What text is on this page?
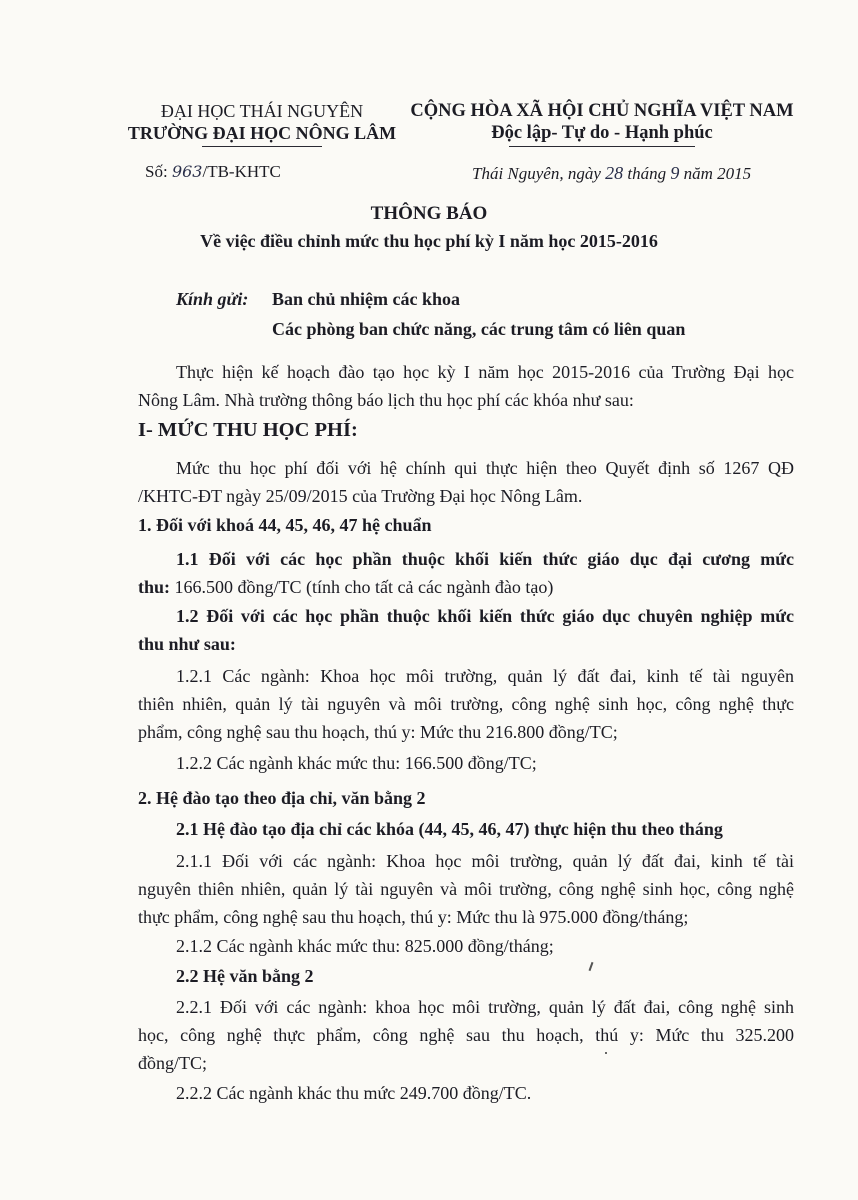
ĐẠI HỌC THÁI NGUYÊN
TRƯỜNG ĐẠI HỌC NÔNG LÂM
CỘNG HÒA XÃ HỘI CHỦ NGHĨA VIỆT NAM
Độc lập- Tự do - Hạnh phúc
Số: 963/TB-KHTC	Thái Nguyên, ngày 28 tháng 9 năm 2015
THÔNG BÁO
Về việc điều chỉnh mức thu học phí kỳ I năm học 2015-2016
Kính gửi: Ban chủ nhiệm các khoa
Các phòng ban chức năng, các trung tâm có liên quan
Thực hiện kế hoạch đào tạo học kỳ I năm học 2015-2016 của Trường Đại học
Nông Lâm. Nhà trường thông báo lịch thu học phí các khóa như sau:
I- MỨC THU HỌC PHÍ:
Mức thu học phí đối với hệ chính qui thực hiện theo Quyết định số 1267 QĐ
/KHTC-ĐT ngày 25/09/2015 của Trường Đại học Nông Lâm.
1. Đối với khoá 44, 45, 46, 47 hệ chuẩn
1.1 Đối với các học phần thuộc khối kiến thức giáo dục đại cương mức
thu: 166.500 đồng/TC (tính cho tất cả các ngành đào tạo)
1.2 Đối với các học phần thuộc khối kiến thức giáo dục chuyên nghiệp mức
thu như sau:
1.2.1 Các ngành: Khoa học môi trường, quản lý đất đai, kinh tế tài nguyên
thiên nhiên, quản lý tài nguyên và môi trường, công nghệ sinh học, công nghệ thực
phẩm, công nghệ sau thu hoạch, thú y: Mức thu 216.800 đồng/TC;
1.2.2 Các ngành khác mức thu: 166.500 đồng/TC;
2. Hệ đào tạo theo địa chỉ, văn bằng 2
2.1 Hệ đào tạo địa chỉ các khóa (44, 45, 46, 47) thực hiện thu theo tháng
2.1.1 Đối với các ngành: Khoa học môi trường, quản lý đất đai, kinh tế tài
nguyên thiên nhiên, quản lý tài nguyên và môi trường, công nghệ sinh học, công nghệ
thực phẩm, công nghệ sau thu hoạch, thú y: Mức thu là 975.000 đồng/tháng;
2.1.2 Các ngành khác mức thu: 825.000 đồng/tháng;
2.2 Hệ văn bằng 2
2.2.1 Đối với các ngành: khoa học môi trường, quản lý đất đai, công nghệ sinh
học, công nghệ thực phẩm, công nghệ sau thu hoạch, thú y: Mức thu 325.200
đồng/TC;
2.2.2 Các ngành khác thu mức 249.700 đồng/TC.
